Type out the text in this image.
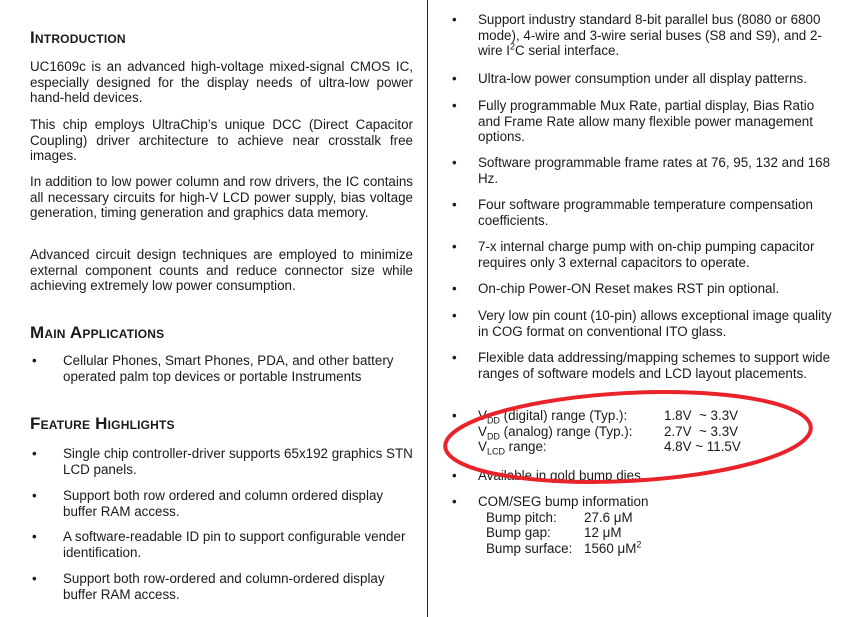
Introduction

UC1609c is an advanced high-voltage mixed-signal CMOS IC, especially designed for the display needs of ultra-low power hand-held devices.

This chip employs UltraChip’s unique DCC (Direct Capacitor Coupling) driver architecture to achieve near crosstalk free images.

In addition to low power column and row drivers, the IC contains all necessary circuits for high-V LCD power supply, bias voltage generation, timing generation and graphics data memory.

Advanced circuit design techniques are employed to minimize external component counts and reduce connector size while achieving extremely low power consumption.

Main Applications
• Cellular Phones, Smart Phones, PDA, and other battery operated palm top devices or portable Instruments
Feature Highlights
• Single chip controller-driver supports 65x192 graphics STN LCD panels.
• Support both row ordered and column ordered display buffer RAM access.
• A software-readable ID pin to support configurable vender identification.
• Support both row-ordered and column-ordered display buffer RAM access.
• Support industry standard 8-bit parallel bus (8080 or 6800 mode), 4-wire and 3-wire serial buses (S8 and S9), and 2-wire $I^2C$ serial interface.
• Ultra-low power consumption under all display patterns.
• Fully programmable Mux Rate, partial display, Bias Ratio and Frame Rate allow many flexible power management options.
• Software programmable frame rates at 76, 95, 132 and 168 Hz.
• Four software programmable temperature compensation coefficients.
• 7-x internal charge pump with on-chip pumping capacitor requires only 3 external capacitors to operate.
• On-chip Power-ON Reset makes RST pin optional.
• Very low pin count (10-pin) allows exceptional image quality in COG format on conventional ITO glass.
• Flexible data addressing/mapping schemes to support wide ranges of software models and LCD layout placements.
• $V_{DD}$ (digital) range (Typ.):	1.8V  ~ 3.3V
$V_{DD}$ (analog) range (Typ.):	2.7V  ~ 3.3V
$V_{LCD}$ range:	4.8V ~ 11.5V
• Available in gold bump dies.
• COM/SEG bump information
Bump pitch:	27.6 μM
Bump gap:	12 μM
Bump surface: 1560 $\mu M^2$
